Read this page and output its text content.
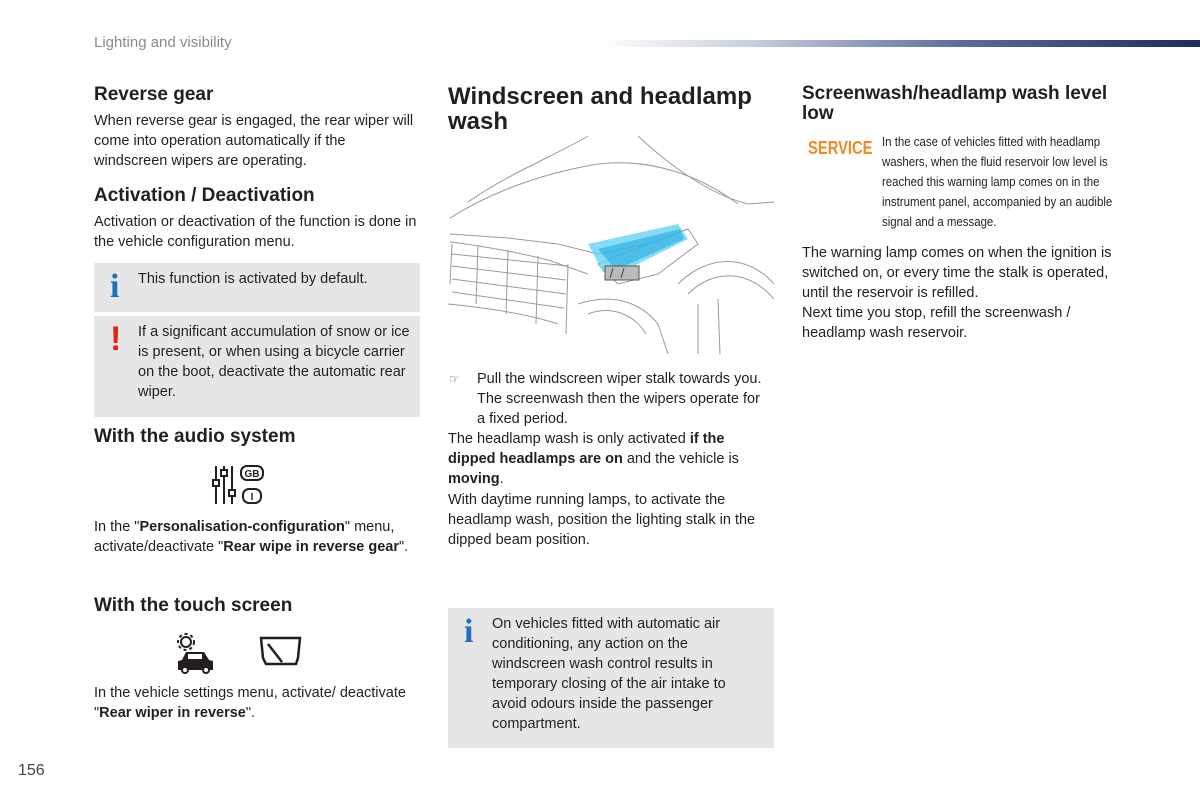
Lighting and visibility
Reverse gear

When reverse gear is engaged, the rear wiper will come into operation automatically if the windscreen wipers are operating.

Activation / Deactivation

Activation or deactivation of the function is done in the vehicle configuration menu.

i This function is activated by default.

! If a significant accumulation of snow or ice is present, or when using a bicycle carrier on the boot, deactivate the automatic rear wiper.

With the audio system
GB
I

In the "Personalisation-configuration" menu, activate/deactivate "Rear wipe in reverse gear".

With the touch screen

In the vehicle settings menu, activate/ deactivate "Rear wiper in reverse".

Windscreen and headlamp wash
☞ Pull the windscreen wiper stalk towards you. The screenwash then the wipers operate for a fixed period.

The headlamp wash is only activated if the dipped headlamps are on and the vehicle is moving.

With daytime running lamps, to activate the headlamp wash, position the lighting stalk in the dipped beam position.

i On vehicles fitted with automatic air conditioning, any action on the windscreen wash control results in temporary closing of the air intake to avoid odours inside the passenger compartment.

Screenwash/headlamp wash level low
SERVICE In the case of vehicles fitted with headlamp washers, when the fluid reservoir low level is reached this warning lamp comes on in the instrument panel, accompanied by an audible signal and a message.

The warning lamp comes on when the ignition is switched on, or every time the stalk is operated, until the reservoir is refilled.

Next time you stop, refill the screenwash / headlamp wash reservoir.

156
